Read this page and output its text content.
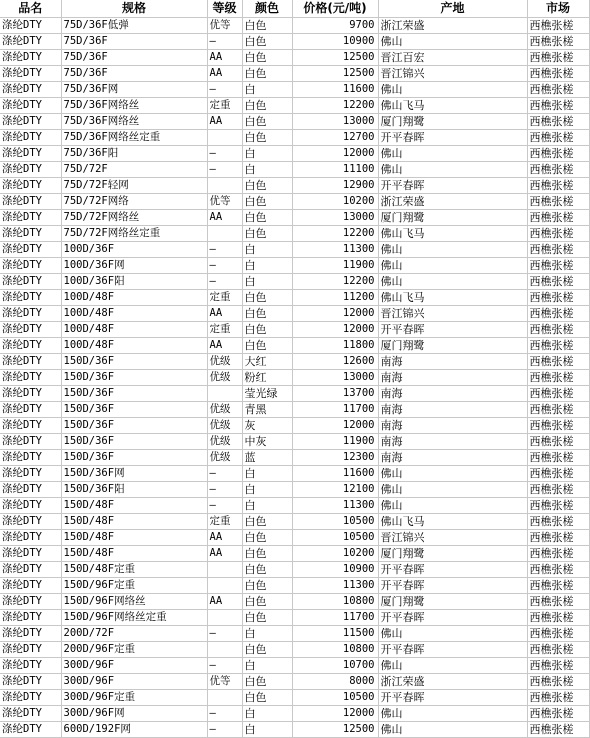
品名	规格	等级	颜色	价格(元/吨)	产地	市场
涤纶DTY	75D/36F低弹	优等	白色	9700	浙江荣盛	西樵张槎
涤纶DTY	75D/36F	—	白色	10900	佛山	西樵张槎
涤纶DTY	75D/36F	AA	白色	12500	晋江百宏	西樵张槎
涤纶DTY	75D/36F	AA	白色	12500	晋江锦兴	西樵张槎
涤纶DTY	75D/36F网	—	白	11600	佛山	西樵张槎
涤纶DTY	75D/36F网络丝	定重	白色	12200	佛山飞马	西樵张槎
涤纶DTY	75D/36F网络丝	AA	白色	13000	厦门翔鹭	西樵张槎
涤纶DTY	75D/36F网络丝定重		白色	12700	开平春晖	西樵张槎
涤纶DTY	75D/36F阳	—	白	12000	佛山	西樵张槎
涤纶DTY	75D/72F	—	白	11100	佛山	西樵张槎
涤纶DTY	75D/72F轻网		白色	12900	开平春晖	西樵张槎
涤纶DTY	75D/72F网络	优等	白色	10200	浙江荣盛	西樵张槎
涤纶DTY	75D/72F网络丝	AA	白色	13000	厦门翔鹭	西樵张槎
涤纶DTY	75D/72F网络丝定重		白色	12200	佛山飞马	西樵张槎
涤纶DTY	100D/36F	—	白	11300	佛山	西樵张槎
涤纶DTY	100D/36F网	—	白	11900	佛山	西樵张槎
涤纶DTY	100D/36F阳	—	白	12200	佛山	西樵张槎
涤纶DTY	100D/48F	定重	白色	11200	佛山飞马	西樵张槎
涤纶DTY	100D/48F	AA	白色	12000	晋江锦兴	西樵张槎
涤纶DTY	100D/48F	定重	白色	12000	开平春晖	西樵张槎
涤纶DTY	100D/48F	AA	白色	11800	厦门翔鹭	西樵张槎
涤纶DTY	150D/36F	优级	大红	12600	南海	西樵张槎
涤纶DTY	150D/36F	优级	粉红	13000	南海	西樵张槎
涤纶DTY	150D/36F		莹光绿	13700	南海	西樵张槎
涤纶DTY	150D/36F	优级	青黑	11700	南海	西樵张槎
涤纶DTY	150D/36F	优级	灰	12000	南海	西樵张槎
涤纶DTY	150D/36F	优级	中灰	11900	南海	西樵张槎
涤纶DTY	150D/36F	优级	蓝	12300	南海	西樵张槎
涤纶DTY	150D/36F网	—	白	11600	佛山	西樵张槎
涤纶DTY	150D/36F阳	—	白	12100	佛山	西樵张槎
涤纶DTY	150D/48F	—	白	11300	佛山	西樵张槎
涤纶DTY	150D/48F	定重	白色	10500	佛山飞马	西樵张槎
涤纶DTY	150D/48F	AA	白色	10500	晋江锦兴	西樵张槎
涤纶DTY	150D/48F	AA	白色	10200	厦门翔鹭	西樵张槎
涤纶DTY	150D/48F定重		白色	10900	开平春晖	西樵张槎
涤纶DTY	150D/96F定重		白色	11300	开平春晖	西樵张槎
涤纶DTY	150D/96F网络丝	AA	白色	10800	厦门翔鹭	西樵张槎
涤纶DTY	150D/96F网络丝定重		白色	11700	开平春晖	西樵张槎
涤纶DTY	200D/72F	—	白	11500	佛山	西樵张槎
涤纶DTY	200D/96F定重		白色	10800	开平春晖	西樵张槎
涤纶DTY	300D/96F	—	白	10700	佛山	西樵张槎
涤纶DTY	300D/96F	优等	白色	8000	浙江荣盛	西樵张槎
涤纶DTY	300D/96F定重		白色	10500	开平春晖	西樵张槎
涤纶DTY	300D/96F网	—	白	12000	佛山	西樵张槎
涤纶DTY	600D/192F网	—	白	12500	佛山	西樵张槎
